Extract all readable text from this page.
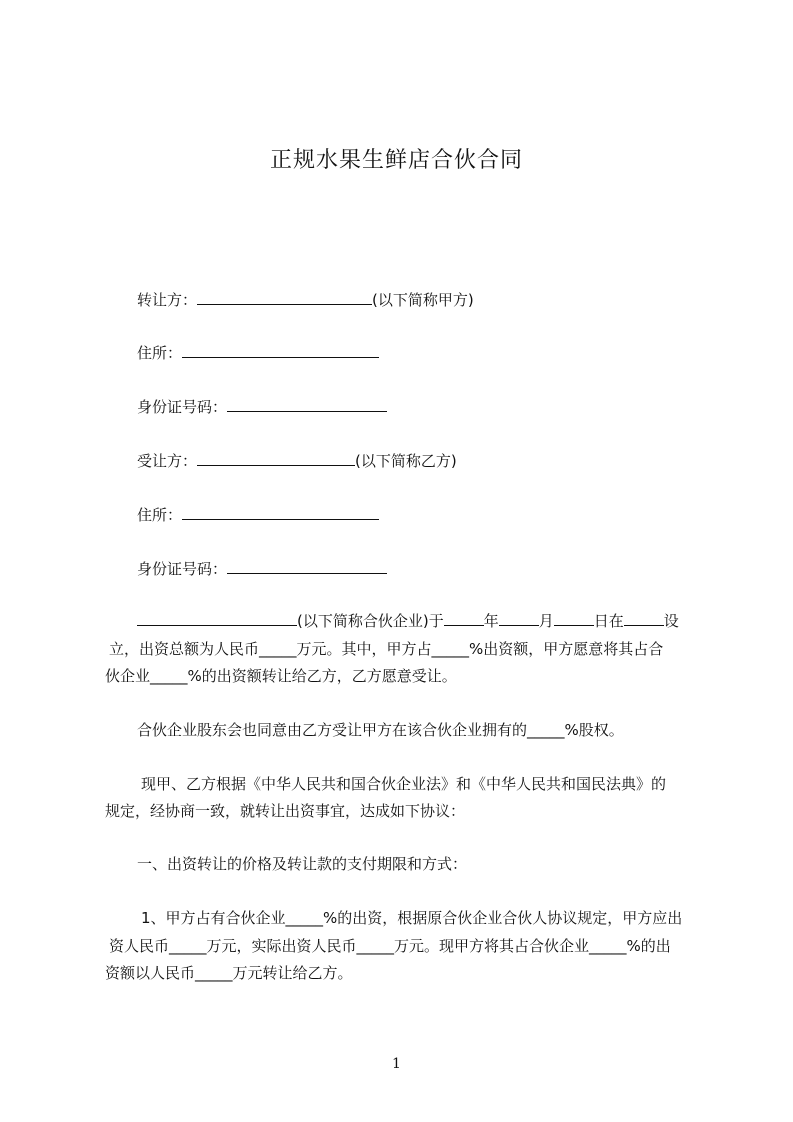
正规水果生鲜店合伙合同
转让方：	(以下简称甲方)
住所：
身份证号码：
受让方：	(以下简称乙方)
住所：
身份证号码：
(以下简称合伙企业)于	年	月	日在	设
立，出资总额为人民币_____万元。其中，甲方占_____%出资额，甲方愿意将其占合
伙企业_____%的出资额转让给乙方，乙方愿意受让。
合伙企业股东会也同意由乙方受让甲方在该合伙企业拥有的_____%股权。
现甲、乙方根据《中华人民共和国合伙企业法》和《中华人民共和国民法典》的
规定，经协商一致，就转让出资事宜，达成如下协议：
一、出资转让的价格及转让款的支付期限和方式：
1、甲方占有合伙企业_____%的出资，根据原合伙企业合伙人协议规定，甲方应出
资人民币_____万元，实际出资人民币_____万元。现甲方将其占合伙企业_____%的出
资额以人民币_____万元转让给乙方。
1
